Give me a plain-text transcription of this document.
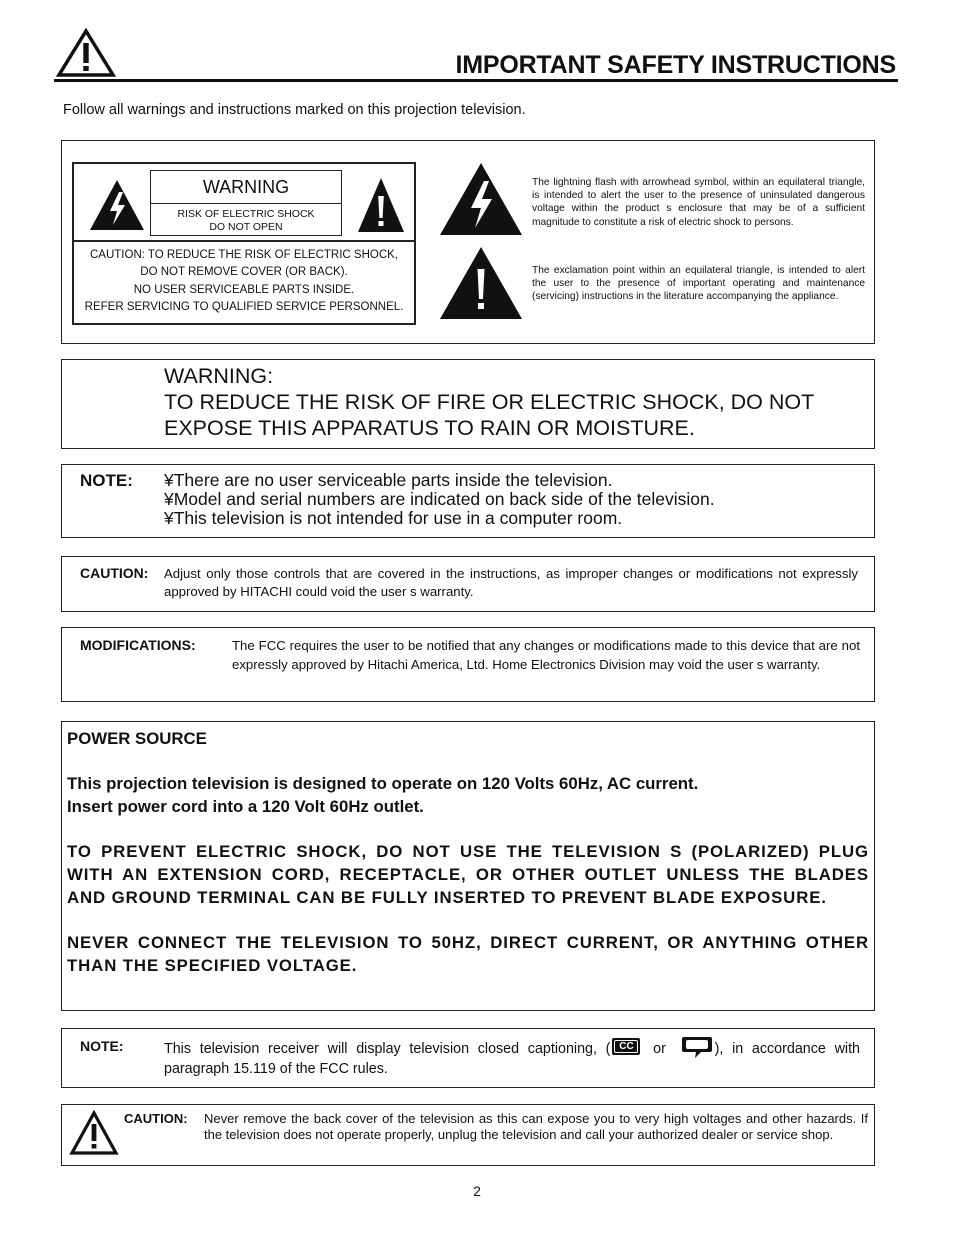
IMPORTANT SAFETY INSTRUCTIONS
Follow all warnings and instructions marked on this projection television.
WARNING
RISK OF ELECTRIC SHOCK
DO NOT OPEN
CAUTION: TO REDUCE THE RISK OF ELECTRIC SHOCK,
DO NOT REMOVE COVER (OR BACK).
NO USER SERVICEABLE PARTS INSIDE.
REFER SERVICING TO QUALIFIED SERVICE PERSONNEL.
The lightning flash with arrowhead symbol, within an equilateral triangle, is intended to alert the user to the presence of uninsulated dangerous voltage within the product s enclosure that may be of a sufficient magnitude to constitute a risk of electric shock to persons.
The exclamation point within an equilateral triangle, is intended to alert the user to the presence of important operating and maintenance (servicing) instructions in the literature accompanying the appliance.
WARNING:
TO REDUCE THE RISK OF FIRE OR ELECTRIC SHOCK, DO NOT
EXPOSE THIS APPARATUS TO RAIN OR MOISTURE.
NOTE: ¥There are no user serviceable parts inside the television.
¥Model and serial numbers are indicated on back side of the television.
¥This television is not intended for use in a computer room.
CAUTION: Adjust only those controls that are covered in the instructions, as improper changes or modifications not expressly approved by HITACHI could void the user s warranty.
MODIFICATIONS:	The FCC requires the user to be notified that any changes or modifications made to this device that are not expressly approved by Hitachi America, Ltd. Home Electronics Division may void the user s warranty.

POWER SOURCE

This projection television is designed to operate on 120 Volts 60Hz, AC current.
Insert power cord into a 120 Volt 60Hz outlet.

TO PREVENT ELECTRIC SHOCK, DO NOT USE THE TELEVISION S (POLARIZED) PLUG WITH AN EXTENSION CORD, RECEPTACLE, OR OTHER OUTLET UNLESS THE BLADES AND GROUND TERMINAL CAN BE FULLY INSERTED TO PREVENT BLADE EXPOSURE.

NEVER CONNECT THE TELEVISION TO 50HZ, DIRECT CURRENT, OR ANYTHING OTHER THAN THE SPECIFIED VOLTAGE.

NOTE:	This television receiver will display television closed captioning, ( CC or	), in accordance with paragraph 15.119 of the FCC rules.
CAUTION: Never remove the back cover of the television as this can expose you to very high voltages and other hazards. If the television does not operate properly, unplug the television and call your authorized dealer or service shop.
2
